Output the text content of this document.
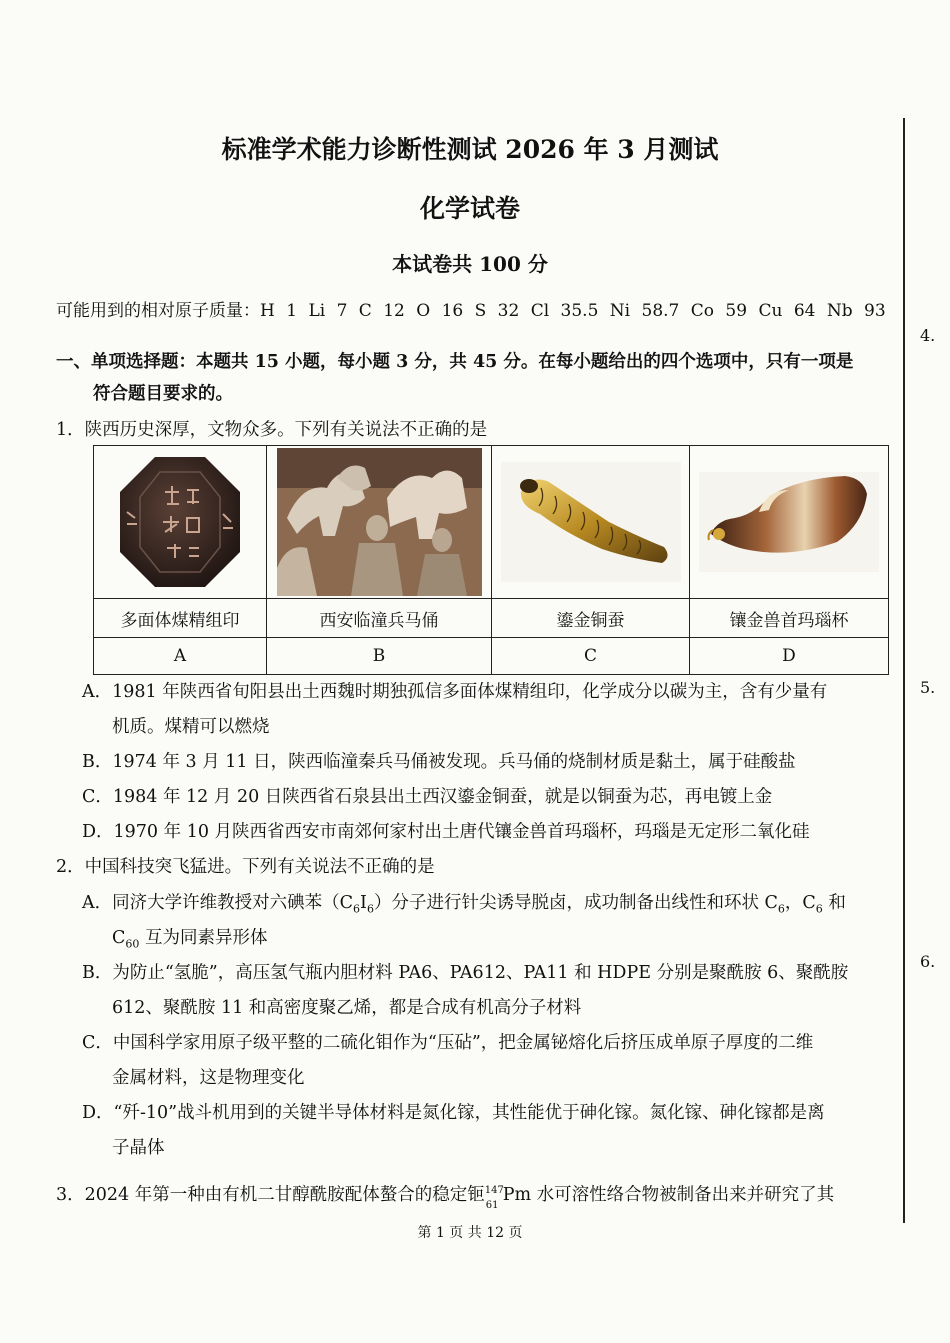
4.
5.
6.
标准学术能力诊断性测试 2026 年 3 月测试
化学试卷
本试卷共 100 分
可能用到的相对原子质量：H 1 Li 7 C 12 O 16 S 32 Cl 35.5 Ni 58.7 Co 59 Cu 64 Nb 93
一、单项选择题：本题共 15 小题，每小题 3 分，共 45 分。在每小题给出的四个选项中，只有一项是
符合题目要求的。
1．陕西历史深厚，文物众多。下列有关说法不正确的是

多面体煤精组印	西安临潼兵马俑	鎏金铜蚕	镶金兽首玛瑙杯
A	B	C	D
A．1981 年陕西省旬阳县出土西魏时期独孤信多面体煤精组印，化学成分以碳为主，含有少量有
机质。煤精可以燃烧
B．1974 年 3 月 11 日，陕西临潼秦兵马俑被发现。兵马俑的烧制材质是黏土，属于硅酸盐
C．1984 年 12 月 20 日陕西省石泉县出土西汉鎏金铜蚕，就是以铜蚕为芯，再电镀上金
D．1970 年 10 月陕西省西安市南郊何家村出土唐代镶金兽首玛瑙杯，玛瑙是无定形二氧化硅
2．中国科技突飞猛进。下列有关说法不正确的是
A．同济大学许维教授对六碘苯$(C_6I_6)$分子进行针尖诱导脱卤，成功制备出线性和环状 $C_6$，$C_6$ 和
$C_{60}$ 互为同素异形体
B．为防止“氢脆”，高压氢气瓶内胆材料 PA6、PA612、PA11 和 HDPE 分别是聚酰胺 6、聚酰胺
612、聚酰胺 11 和高密度聚乙烯，都是合成有机高分子材料
C．中国科学家用原子级平整的二硫化钼作为“压砧”，把金属铋熔化后挤压成单原子厚度的二维
金属材料，这是物理变化
D．“歼-10”战斗机用到的关键半导体材料是氮化镓，其性能优于砷化镓。氮化镓、砷化镓都是离
子晶体
3．2024 年第一种由有机二甘醇酰胺配体螯合的稳定钷 147
61
Pm 水可溶性络合物被制备出来并研究了其
第 1 页 共 12 页
